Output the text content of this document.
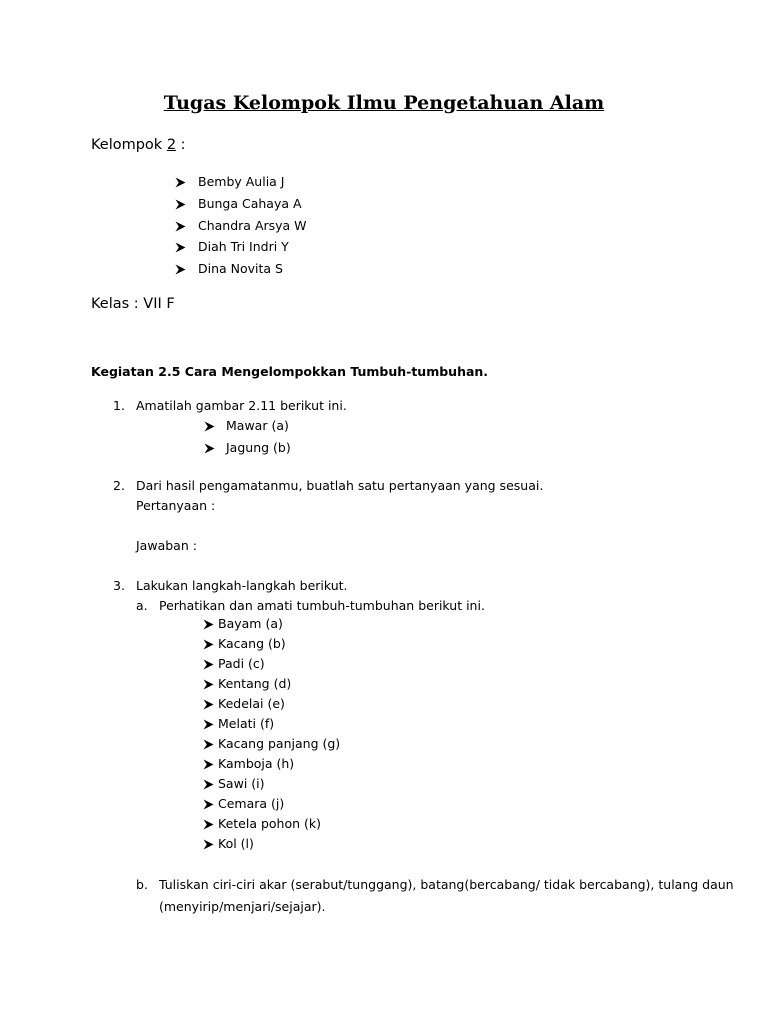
Tugas Kelompok Ilmu Pengetahuan Alam
Kelompok 2 :
Bemby Aulia J
Bunga Cahaya A
Chandra Arsya W
Diah Tri Indri Y
Dina Novita S
Kelas : VII F
Kegiatan 2.5 Cara Mengelompokkan Tumbuh-tumbuhan.
1. Amatilah gambar 2.11 berikut ini.
Mawar (a)
Jagung (b)
2. Dari hasil pengamatanmu, buatlah satu pertanyaan yang sesuai.
Pertanyaan :
Jawaban :
3. Lakukan langkah-langkah berikut.
a. Perhatikan dan amati tumbuh-tumbuhan berikut ini.
Bayam (a)
Kacang (b)
Padi (c)
Kentang (d)
Kedelai (e)
Melati (f)
Kacang panjang (g)
Kamboja (h)
Sawi (i)
Cemara (j)
Ketela pohon (k)
Kol (l)
b. Tuliskan ciri-ciri akar (serabut/tunggang), batang(bercabang/ tidak bercabang), tulang daun
(menyirip/menjari/sejajar).
